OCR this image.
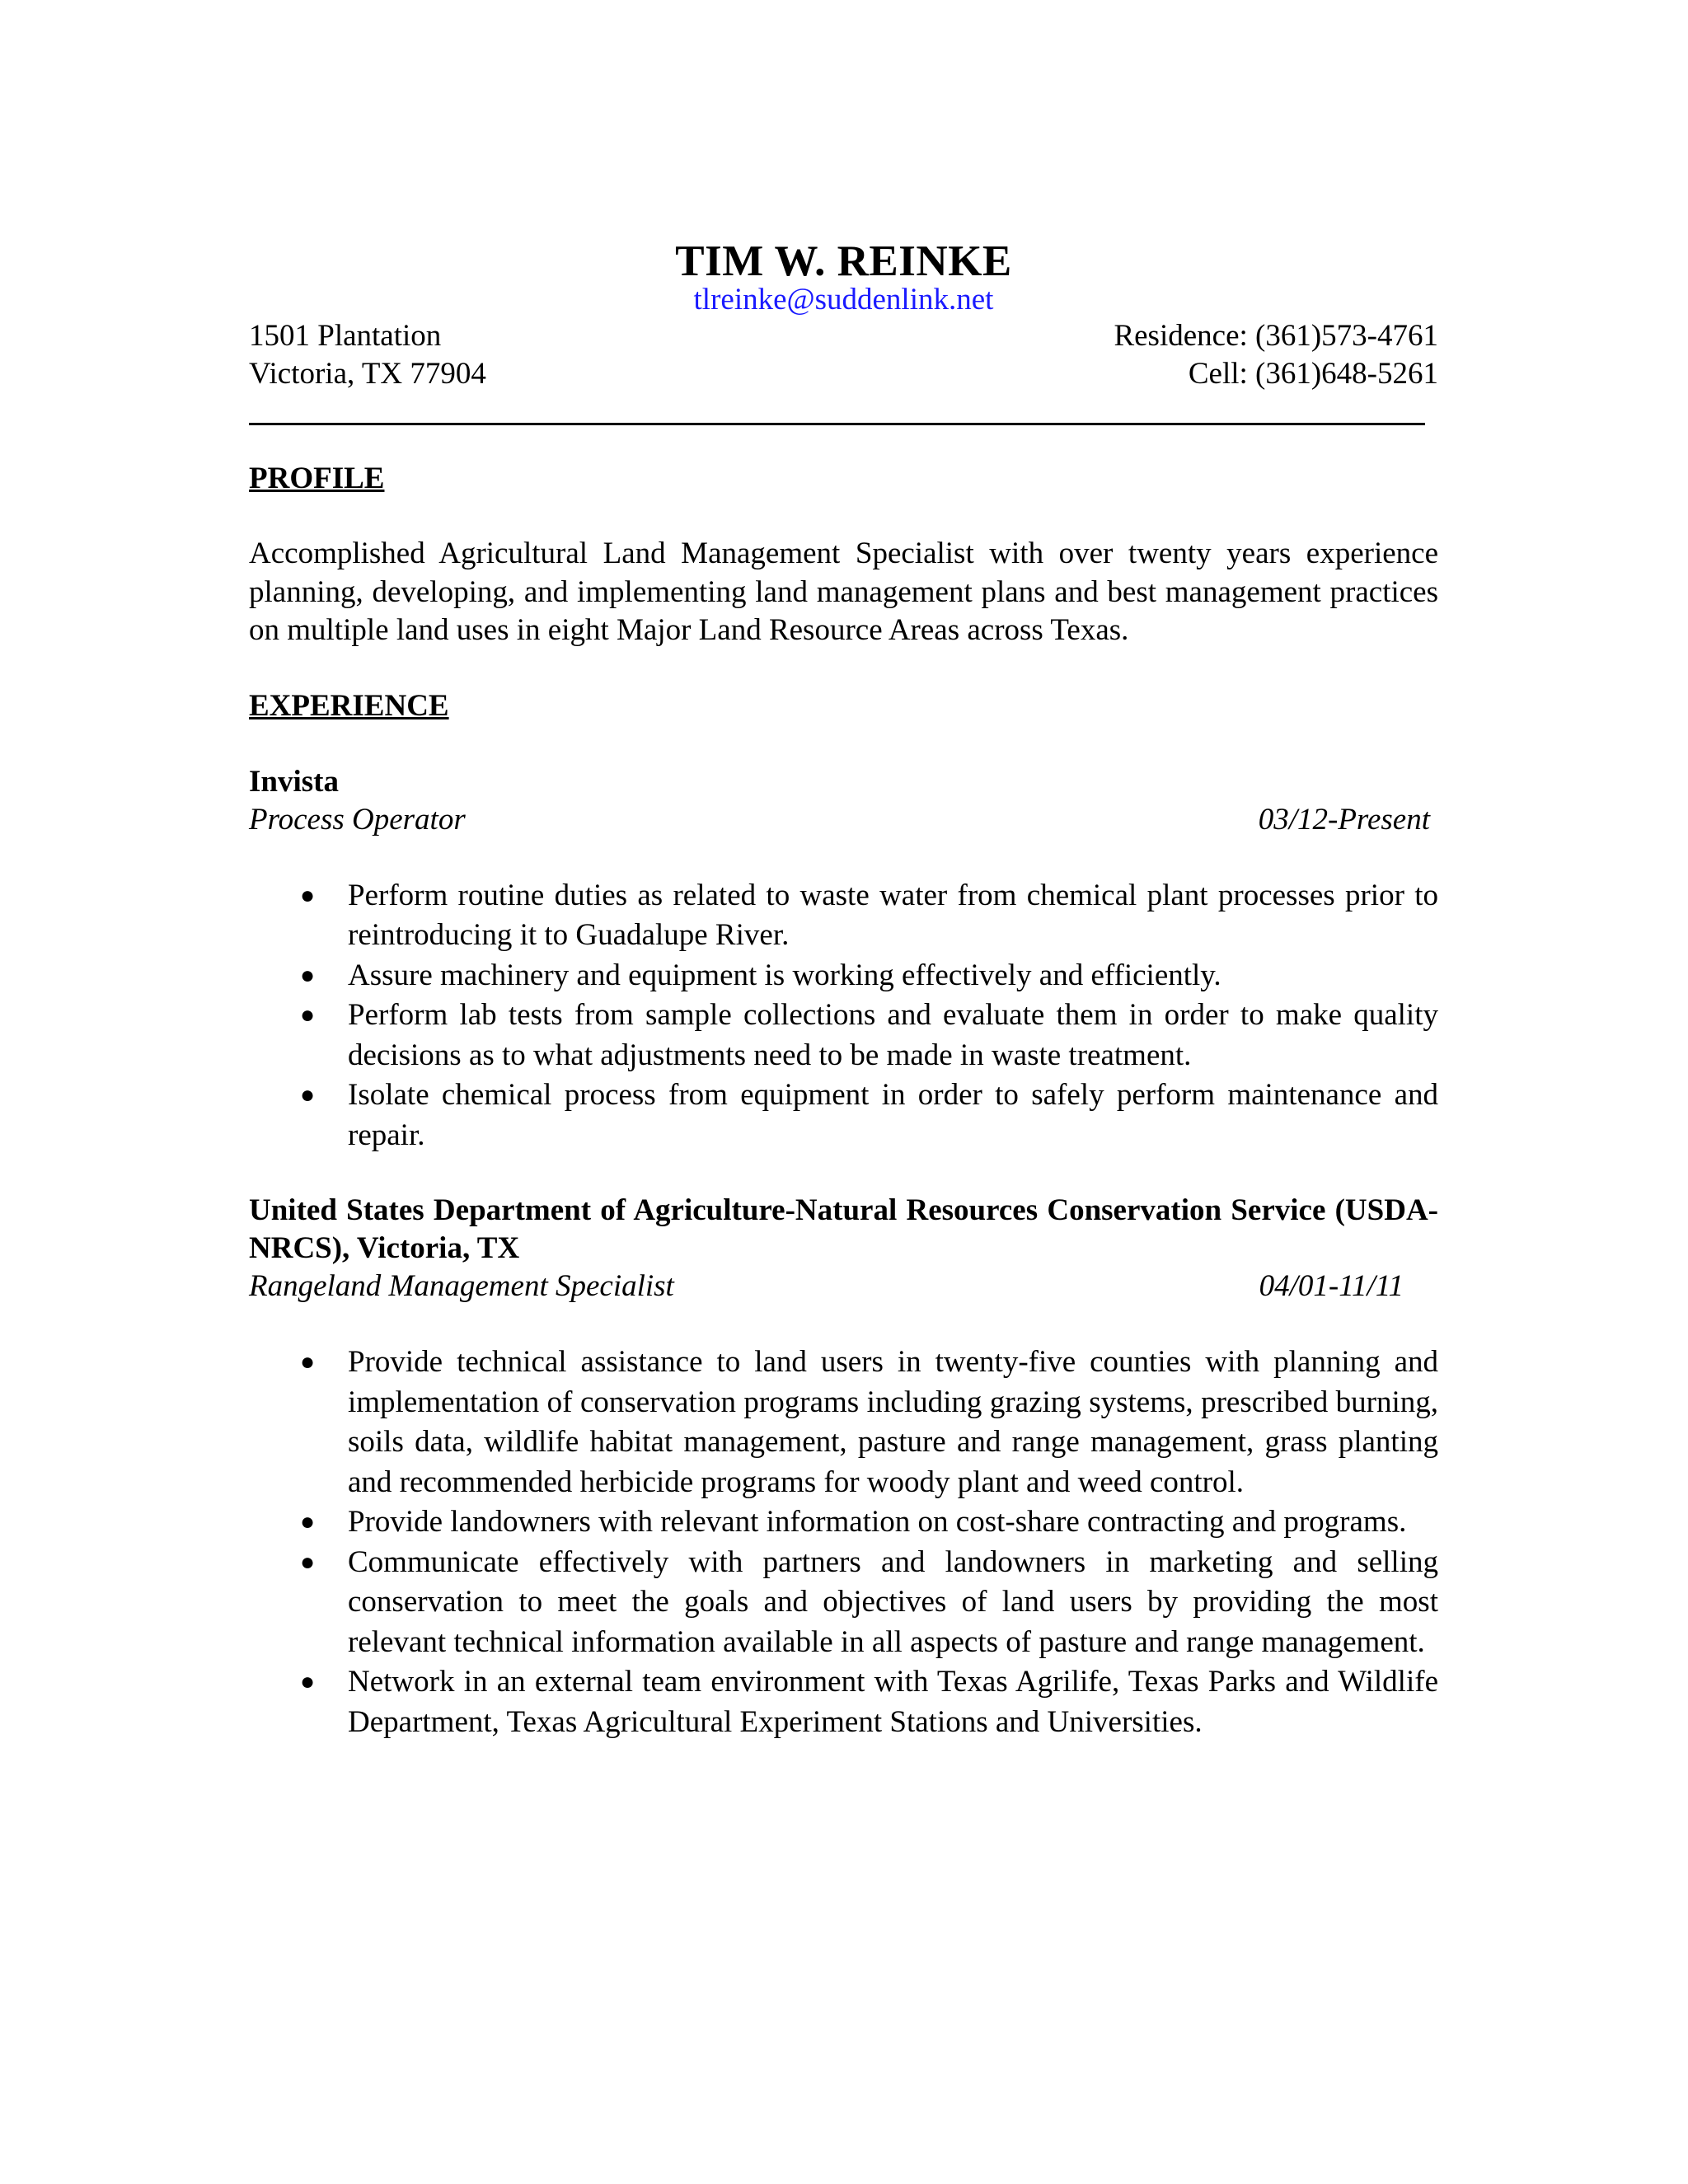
TIM W. REINKE

tlreinke@suddenlink.net

1501 Plantation	Residence: (361)573-4761
Victoria, TX 77904	Cell: (361)648-5261

PROFILE

Accomplished Agricultural Land Management Specialist with over twenty years experience planning, developing, and implementing land management plans and best management practices on multiple land uses in eight Major Land Resource Areas across Texas.

EXPERIENCE

Invista

Process Operator	03/12-Present
● Perform routine duties as related to waste water from chemical plant processes prior to reintroducing it to Guadalupe River.
● Assure machinery and equipment is working effectively and efficiently.
● Perform lab tests from sample collections and evaluate them in order to make quality decisions as to what adjustments need to be made in waste treatment.
● Isolate chemical process from equipment in order to safely perform maintenance and repair.

United States Department of Agriculture-Natural Resources Conservation Service (USDA-NRCS), Victoria, TX

Rangeland Management Specialist	04/01-11/11
● Provide technical assistance to land users in twenty-five counties with planning and implementation of conservation programs including grazing systems, prescribed burning, soils data, wildlife habitat management, pasture and range management, grass planting and recommended herbicide programs for woody plant and weed control.
● Provide landowners with relevant information on cost-share contracting and programs.
● Communicate effectively with partners and landowners in marketing and selling conservation to meet the goals and objectives of land users by providing the most relevant technical information available in all aspects of pasture and range management.
● Network in an external team environment with Texas Agrilife, Texas Parks and Wildlife Department, Texas Agricultural Experiment Stations and Universities.
